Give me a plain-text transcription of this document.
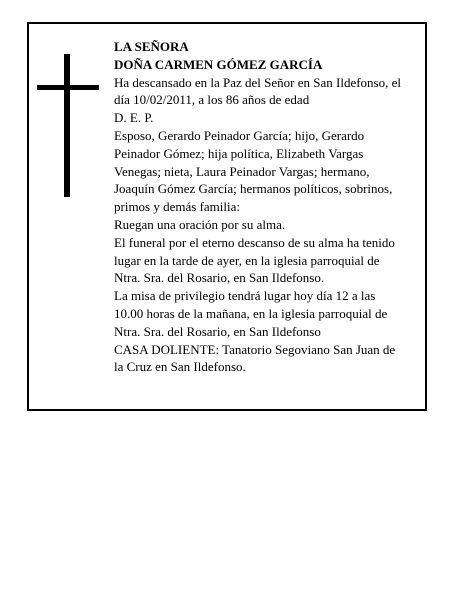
LA SEÑORA
DOÑA CARMEN GÓMEZ GARCÍA
Ha descansado en la Paz del Señor en San Ildefonso, el
día 10/02/2011, a los 86 años de edad
D. E. P.
Esposo, Gerardo Peinador García; hijo, Gerardo
Peinador Gómez; hija política, Elizabeth Vargas
Venegas; nieta, Laura Peinador Vargas; hermano,
Joaquín Gómez García; hermanos políticos, sobrinos,
primos y demás familia:
Ruegan una oración por su alma.
El funeral por el eterno descanso de su alma ha tenido
lugar en la tarde de ayer, en la iglesia parroquial de
Ntra. Sra. del Rosario, en San Ildefonso.
La misa de privilegio tendrá lugar hoy día 12 a las
10.00 horas de la mañana, en la iglesia parroquial de
Ntra. Sra. del Rosario, en San Ildefonso
CASA DOLIENTE: Tanatorio Segoviano San Juan de
la Cruz en San Ildefonso.
